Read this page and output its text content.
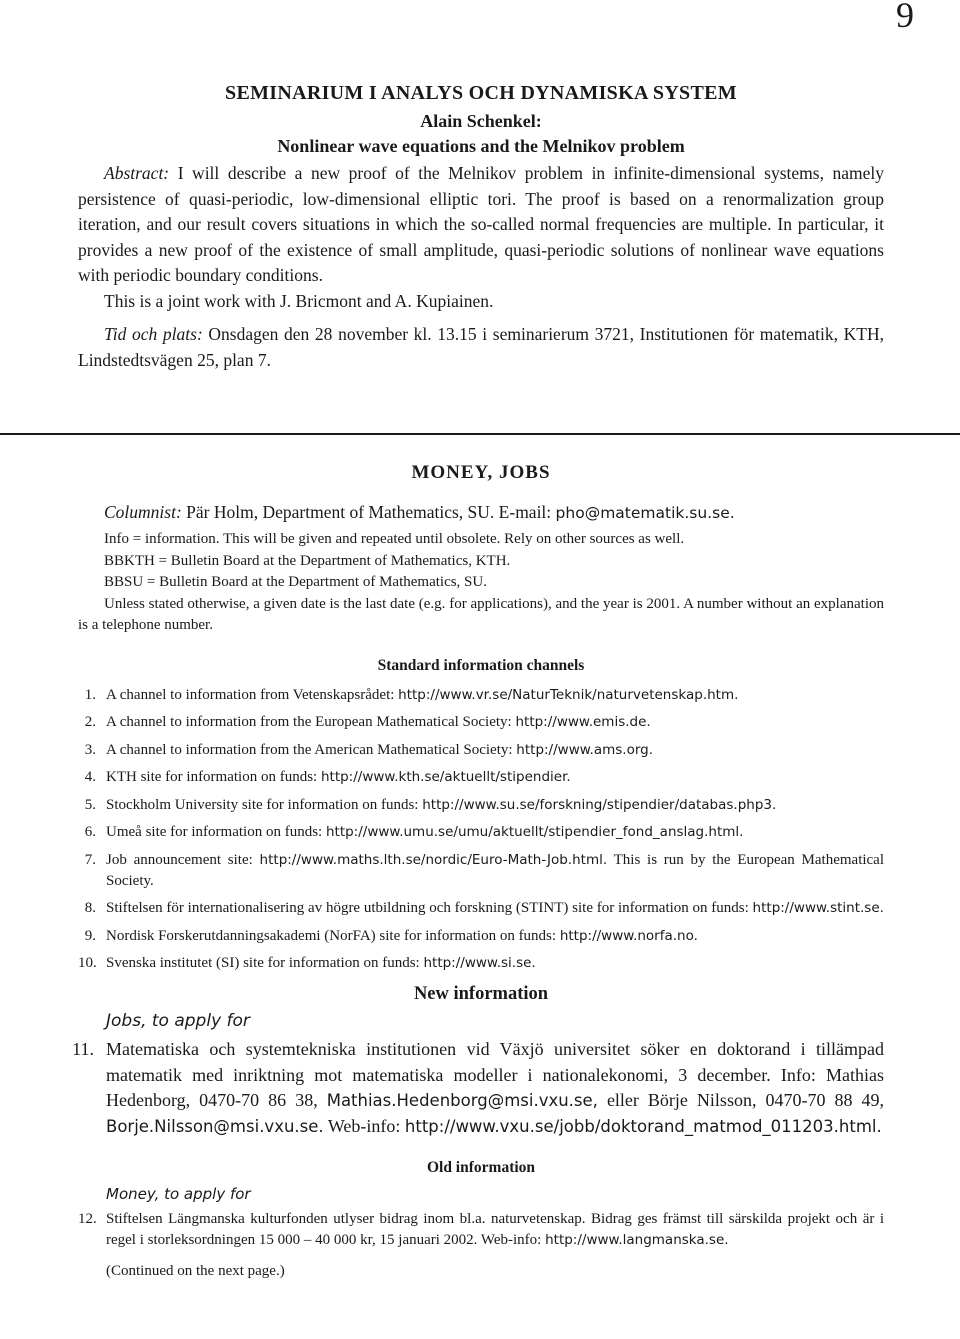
9

SEMINARIUM I ANALYS OCH DYNAMISKA SYSTEM

Alain Schenkel:

Nonlinear wave equations and the Melnikov problem

Abstract: I will describe a new proof of the Melnikov problem in infinite-dimensional systems, namely persistence of quasi-periodic, low-dimensional elliptic tori. The proof is based on a renormalization group iteration, and our result covers situations in which the so-called normal frequencies are multiple. In particular, it provides a new proof of the existence of small amplitude, quasi-periodic solutions of nonlinear wave equations with periodic boundary conditions.

This is a joint work with J. Bricmont and A. Kupiainen.

Tid och plats: Onsdagen den 28 november kl. 13.15 i seminarierum 3721, Institutionen för matematik, KTH, Lindstedtsvägen 25, plan 7.

MONEY, JOBS

Columnist: Pär Holm, Department of Mathematics, SU. E-mail: pho@matematik.su.se.

Info = information. This will be given and repeated until obsolete. Rely on other sources as well.
BBKTH = Bulletin Board at the Department of Mathematics, KTH.
BBSU = Bulletin Board at the Department of Mathematics, SU.
Unless stated otherwise, a given date is the last date (e.g. for applications), and the year is 2001. A number without an explanation is a telephone number.

Standard information channels

1. A channel to information from Vetenskapsrådet: http://www.vr.se/NaturTeknik/naturvetenskap.htm.
2. A channel to information from the European Mathematical Society: http://www.emis.de.
3. A channel to information from the American Mathematical Society: http://www.ams.org.
4. KTH site for information on funds: http://www.kth.se/aktuellt/stipendier.
5. Stockholm University site for information on funds: http://www.su.se/forskning/stipendier/databas.php3.
6. Umeå site for information on funds: http://www.umu.se/umu/aktuellt/stipendier_fond_anslag.html.
7. Job announcement site: http://www.maths.lth.se/nordic/Euro-Math-Job.html. This is run by the European Mathematical Society.
8. Stiftelsen för internationalisering av högre utbildning och forskning (STINT) site for information on funds: http://www.stint.se.
9. Nordisk Forskerutdanningsakademi (NorFA) site for information on funds: http://www.norfa.no.
10. Svenska institutet (SI) site for information on funds: http://www.si.se.

New information

Jobs, to apply for

11. Matematiska och systemtekniska institutionen vid Växjö universitet söker en doktorand i tillämpad matematik med inriktning mot matematiska modeller i nationalekonomi, 3 december. Info: Mathias Hedenborg, 0470-70 86 38, Mathias.Hedenborg@msi.vxu.se, eller Börje Nilsson, 0470-70 88 49, Borje.Nilsson@msi.vxu.se. Web-info: http://www.vxu.se/jobb/doktorand_matmod_011203.html.

Old information

Money, to apply for

12. Stiftelsen Längmanska kulturfonden utlyser bidrag inom bl.a. naturvetenskap. Bidrag ges främst till särskilda projekt och är i regel i storleksordningen 15 000 – 40 000 kr, 15 januari 2002. Web-info: http://www.langmanska.se.

(Continued on the next page.)
